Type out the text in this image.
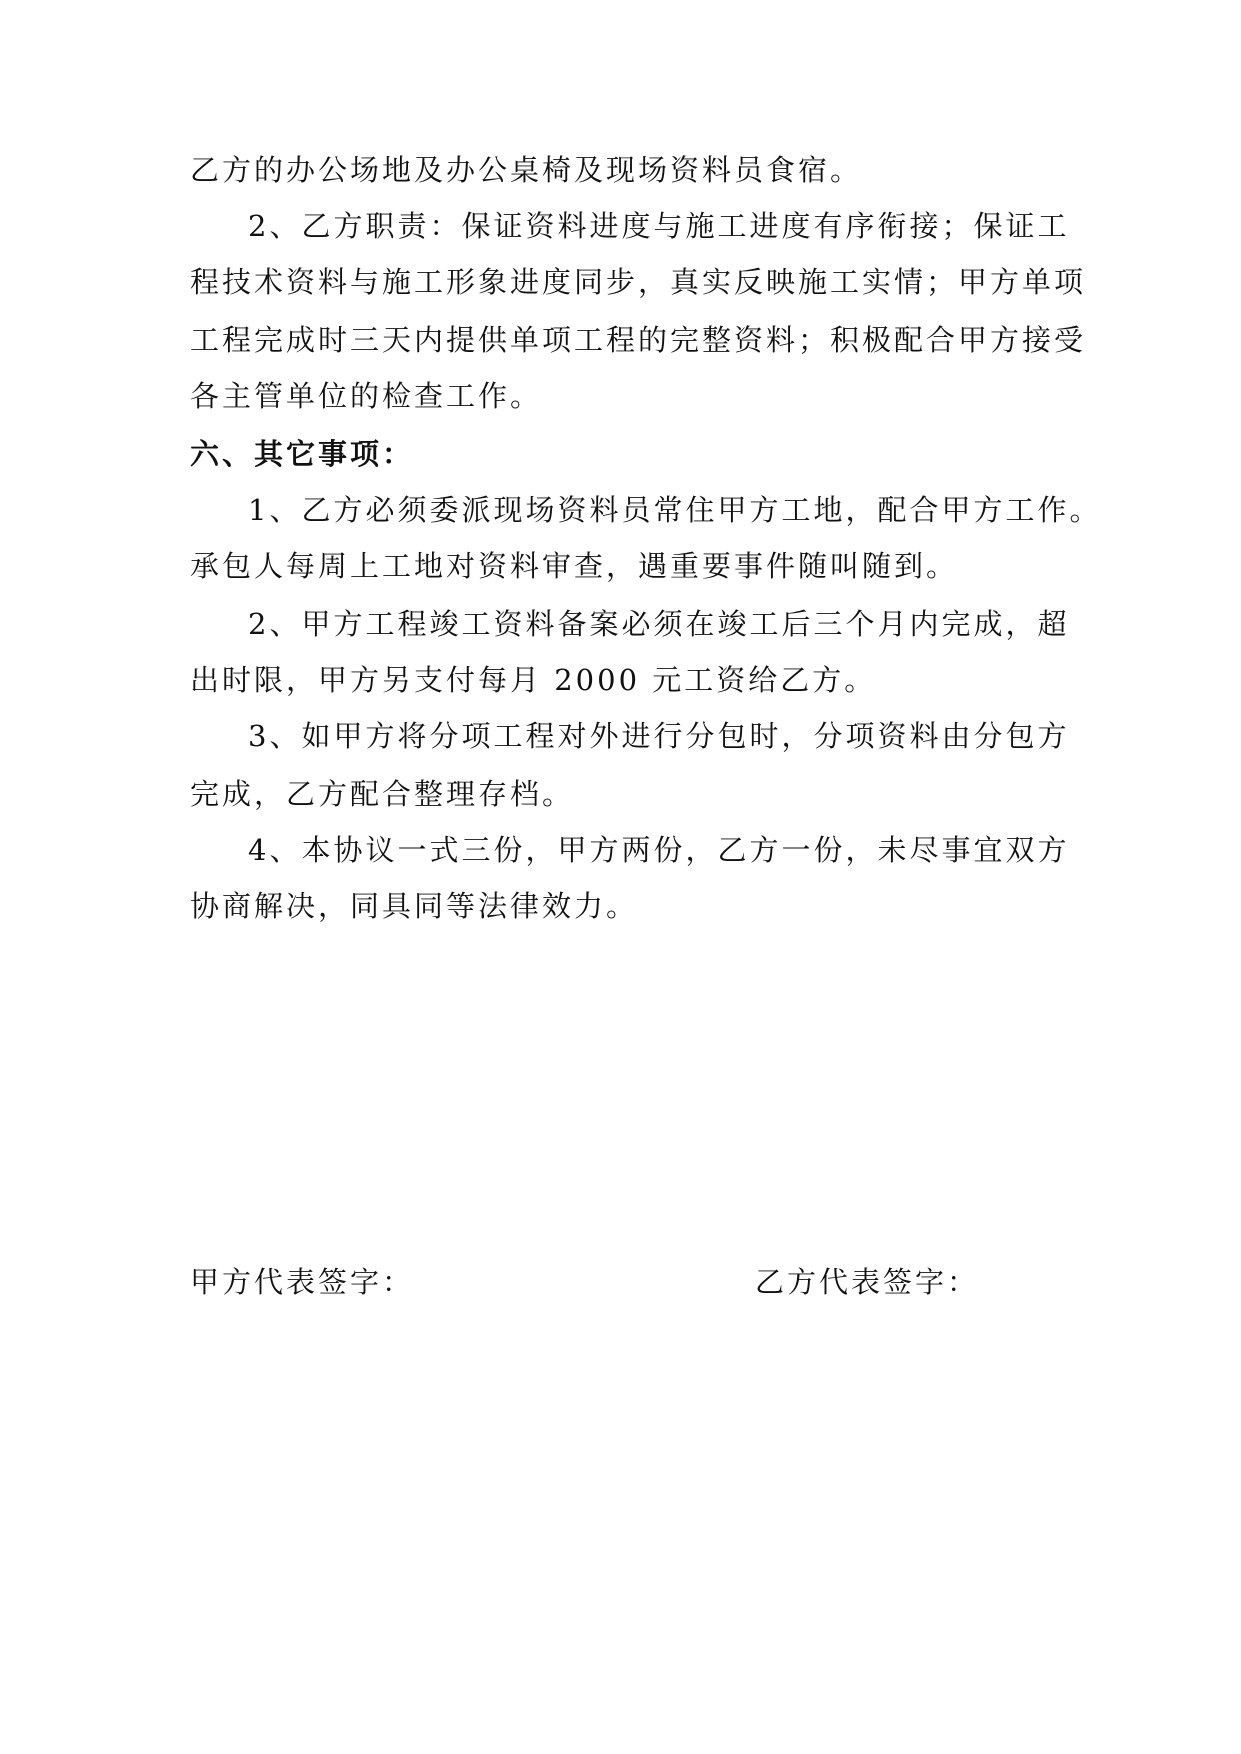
乙方的办公场地及办公桌椅及现场资料员食宿。
2、乙方职责：保证资料进度与施工进度有序衔接；保证工
程技术资料与施工形象进度同步，真实反映施工实情；甲方单项
工程完成时三天内提供单项工程的完整资料；积极配合甲方接受
各主管单位的检查工作。
六、其它事项：
1、乙方必须委派现场资料员常住甲方工地，配合甲方工作。
承包人每周上工地对资料审查，遇重要事件随叫随到。
2、甲方工程竣工资料备案必须在竣工后三个月内完成，超
出时限，甲方另支付每月 2000 元工资给乙方。
3、如甲方将分项工程对外进行分包时，分项资料由分包方
完成，乙方配合整理存档。
4、本协议一式三份，甲方两份，乙方一份，未尽事宜双方
协商解决，同具同等法律效力。
甲方代表签字：	乙方代表签字：
